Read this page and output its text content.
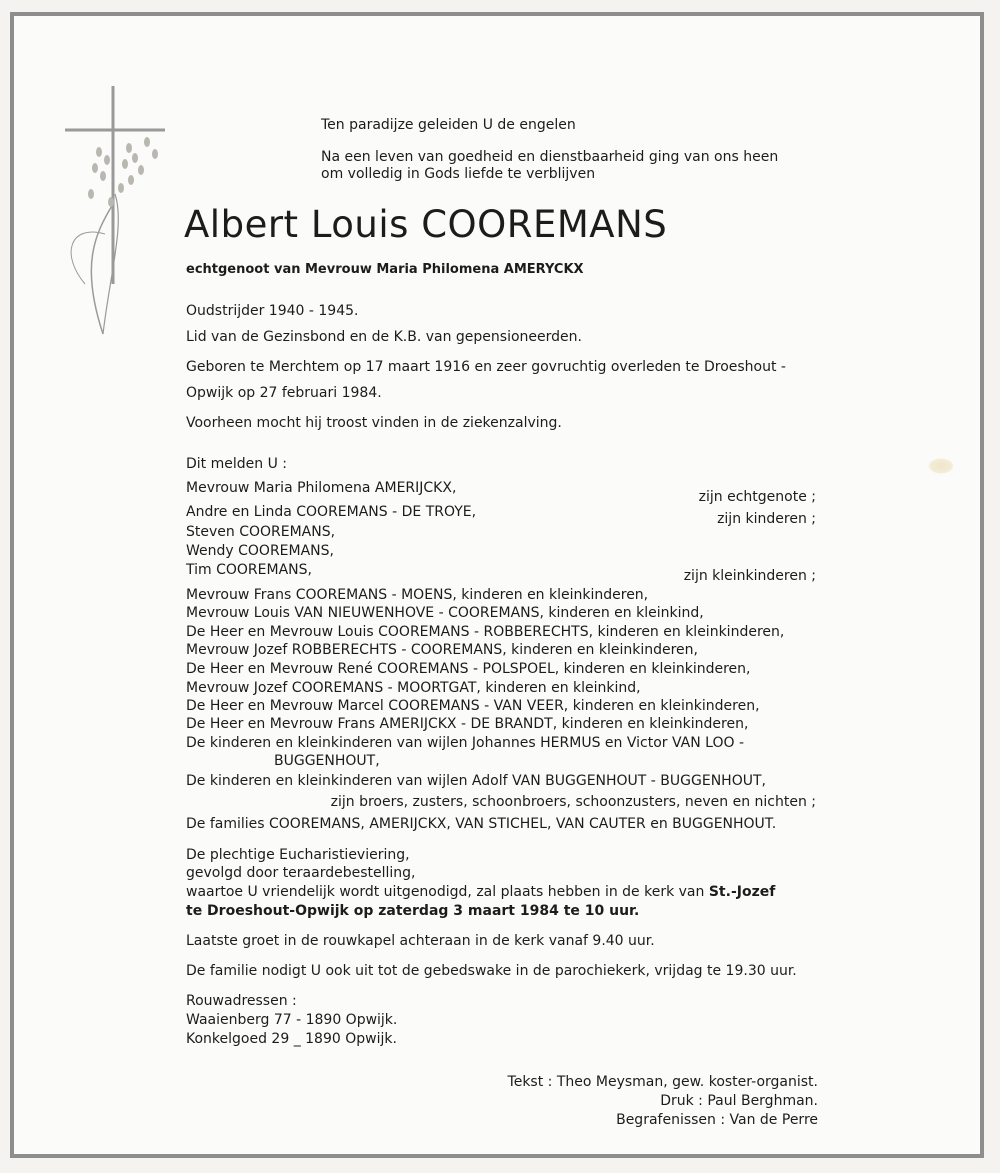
Ten paradijze geleiden U de engelen
Na een leven van goedheid en dienstbaarheid ging van ons heen
om volledig in Gods liefde te verblijven
Albert Louis COOREMANS
echtgenoot van Mevrouw Maria Philomena AMERYCKX
Oudstrijder 1940 - 1945.
Lid van de Gezinsbond en de K.B. van gepensioneerden.
Geboren te Merchtem op 17 maart 1916 en zeer govruchtig overleden te Droeshout -
Opwijk op 27 februari 1984.
Voorheen mocht hij troost vinden in de ziekenzalving.
Dit melden U :
Mevrouw Maria Philomena AMERIJCKX,
Andre en Linda COOREMANS - DE TROYE,
Steven COOREMANS,
Wendy COOREMANS,
Tim COOREMANS,
zijn echtgenote ;
zijn kinderen ;
zijn kleinkinderen ;
Mevrouw Frans COOREMANS - MOENS, kinderen en kleinkinderen,
Mevrouw Louis VAN NIEUWENHOVE - COOREMANS, kinderen en kleinkind,
De Heer en Mevrouw Louis COOREMANS - ROBBERECHTS, kinderen en kleinkinderen,
Mevrouw Jozef ROBBERECHTS - COOREMANS, kinderen en kleinkinderen,
De Heer en Mevrouw René COOREMANS - POLSPOEL, kinderen en kleinkinderen,
Mevrouw Jozef COOREMANS - MOORTGAT, kinderen en kleinkind,
De Heer en Mevrouw Marcel COOREMANS - VAN VEER, kinderen en kleinkinderen,
De Heer en Mevrouw Frans AMERIJCKX - DE BRANDT, kinderen en kleinkinderen,
De kinderen en kleinkinderen van wijlen Johannes HERMUS en Victor VAN LOO -
BUGGENHOUT,
De kinderen en kleinkinderen van wijlen Adolf VAN BUGGENHOUT - BUGGENHOUT,
zijn broers, zusters, schoonbroers, schoonzusters, neven en nichten ;
De families COOREMANS, AMERIJCKX, VAN STICHEL, VAN CAUTER en BUGGENHOUT.
De plechtige Eucharistieviering,
gevolgd door teraardebestelling,
waartoe U vriendelijk wordt uitgenodigd, zal plaats hebben in de kerk van St.-Jozef
te Droeshout-Opwijk op zaterdag 3 maart 1984 te 10 uur.
Laatste groet in de rouwkapel achteraan in de kerk vanaf 9.40 uur.
De familie nodigt U ook uit tot de gebedswake in de parochiekerk, vrijdag te 19.30 uur.
Rouwadressen :
Waaienberg 77 - 1890 Opwijk.
Konkelgoed 29 _ 1890 Opwijk.
Tekst : Theo Meysman, gew. koster-organist.
Druk : Paul Berghman.
Begrafenissen : Van de Perre
